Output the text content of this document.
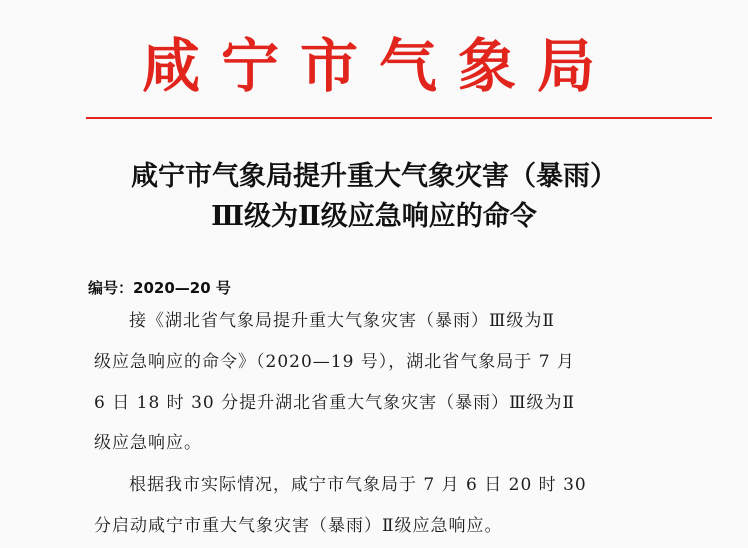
咸宁市气象局
咸宁市气象局提升重大气象灾害（暴雨）
Ⅲ级为Ⅱ级应急响应的命令
编号：2020—20 号
接《湖北省气象局提升重大气象灾害（暴雨）Ⅲ级为Ⅱ
级应急响应的命令》（2020—19 号），湖北省气象局于 7 月
6 日 18 时 30 分提升湖北省重大气象灾害（暴雨）Ⅲ级为Ⅱ
级应急响应。
根据我市实际情况，咸宁市气象局于 7 月 6 日 20 时 30
分启动咸宁市重大气象灾害（暴雨）Ⅱ级应急响应。
